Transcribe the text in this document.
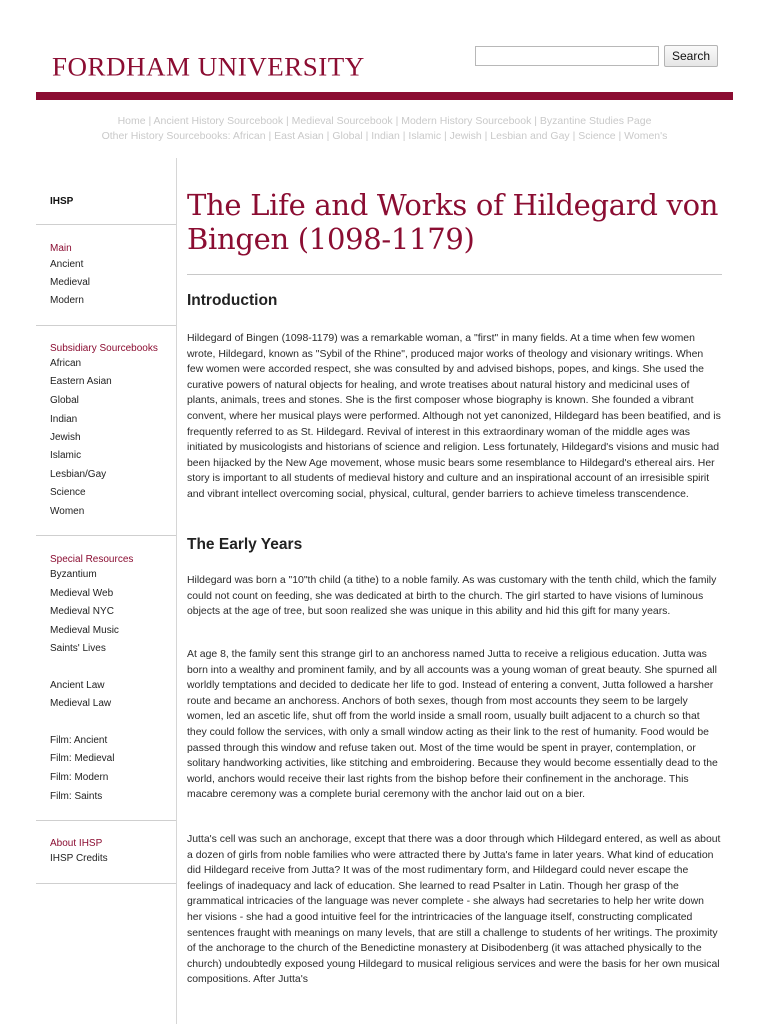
FORDHAM UNIVERSITY	Search
Home | Ancient History Sourcebook | Medieval Sourcebook | Modern History Sourcebook | Byzantine Studies Page
Other History Sourcebooks: African | East Asian | Global | Indian | Islamic | Jewish | Lesbian and Gay | Science | Women's
IHSP
Main
Ancient
Medieval
Modern
Subsidiary Sourcebooks
African
Eastern Asian
Global
Indian
Jewish
Islamic
Lesbian/Gay
Science
Women
Special Resources
Byzantium
Medieval Web
Medieval NYC
Medieval Music
Saints' Lives
Ancient Law
Medieval Law
Film: Ancient
Film: Medieval
Film: Modern
Film: Saints
About IHSP
IHSP Credits
The Life and Works of Hildegard von Bingen (1098-1179)
Introduction

Hildegard of Bingen (1098-1179) was a remarkable woman, a "first" in many fields. At a time when few women wrote, Hildegard, known as "Sybil of the Rhine", produced major works of theology and visionary writings. When few women were accorded respect, she was consulted by and advised bishops, popes, and kings. She used the curative powers of natural objects for healing, and wrote treatises about natural history and medicinal uses of plants, animals, trees and stones. She is the first composer whose biography is known. She founded a vibrant convent, where her musical plays were performed. Although not yet canonized, Hildegard has been beatified, and is frequently referred to as St. Hildegard. Revival of interest in this extraordinary woman of the middle ages was initiated by musicologists and historians of science and religion. Less fortunately, Hildegard's visions and music had been hijacked by the New Age movement, whose music bears some resemblance to Hildegard's ethereal airs. Her story is important to all students of medieval history and culture and an inspirational account of an irresisible spirit and vibrant intellect overcoming social, physical, cultural, gender barriers to achieve timeless transcendence.

The Early Years

Hildegard was born a "10"th child (a tithe) to a noble family. As was customary with the tenth child, which the family could not count on feeding, she was dedicated at birth to the church. The girl started to have visions of luminous objects at the age of tree, but soon realized she was unique in this ability and hid this gift for many years.

At age 8, the family sent this strange girl to an anchoress named Jutta to receive a religious education. Jutta was born into a wealthy and prominent family, and by all accounts was a young woman of great beauty. She spurned all worldly temptations and decided to dedicate her life to god. Instead of entering a convent, Jutta followed a harsher route and became an anchoress. Anchors of both sexes, though from most accounts they seem to be largely women, led an ascetic life, shut off from the world inside a small room, usually built adjacent to a church so that they could follow the services, with only a small window acting as their link to the rest of humanity. Food would be passed through this window and refuse taken out. Most of the time would be spent in prayer, contemplation, or solitary handworking activities, like stitching and embroidering. Because they would become essentially dead to the world, anchors would receive their last rights from the bishop before their confinement in the anchorage. This macabre ceremony was a complete burial ceremony with the anchor laid out on a bier.

Jutta's cell was such an anchorage, except that there was a door through which Hildegard entered, as well as about a dozen of girls from noble families who were attracted there by Jutta's fame in later years. What kind of education did Hildegard receive from Jutta? It was of the most rudimentary form, and Hildegard could never escape the feelings of inadequacy and lack of education. She learned to read Psalter in Latin. Though her grasp of the grammatical intricacies of the language was never complete - she always had secretaries to help her write down her visions - she had a good intuitive feel for the intrintricacies of the language itself, constructing complicated sentences fraught with meanings on many levels, that are still a challenge to students of her writings. The proximity of the anchorage to the church of the Benedictine monastery at Disibodenberg (it was attached physically to the church) undoubtedly exposed young Hildegard to musical religious services and were the basis for her own musical compositions. After Jutta's
